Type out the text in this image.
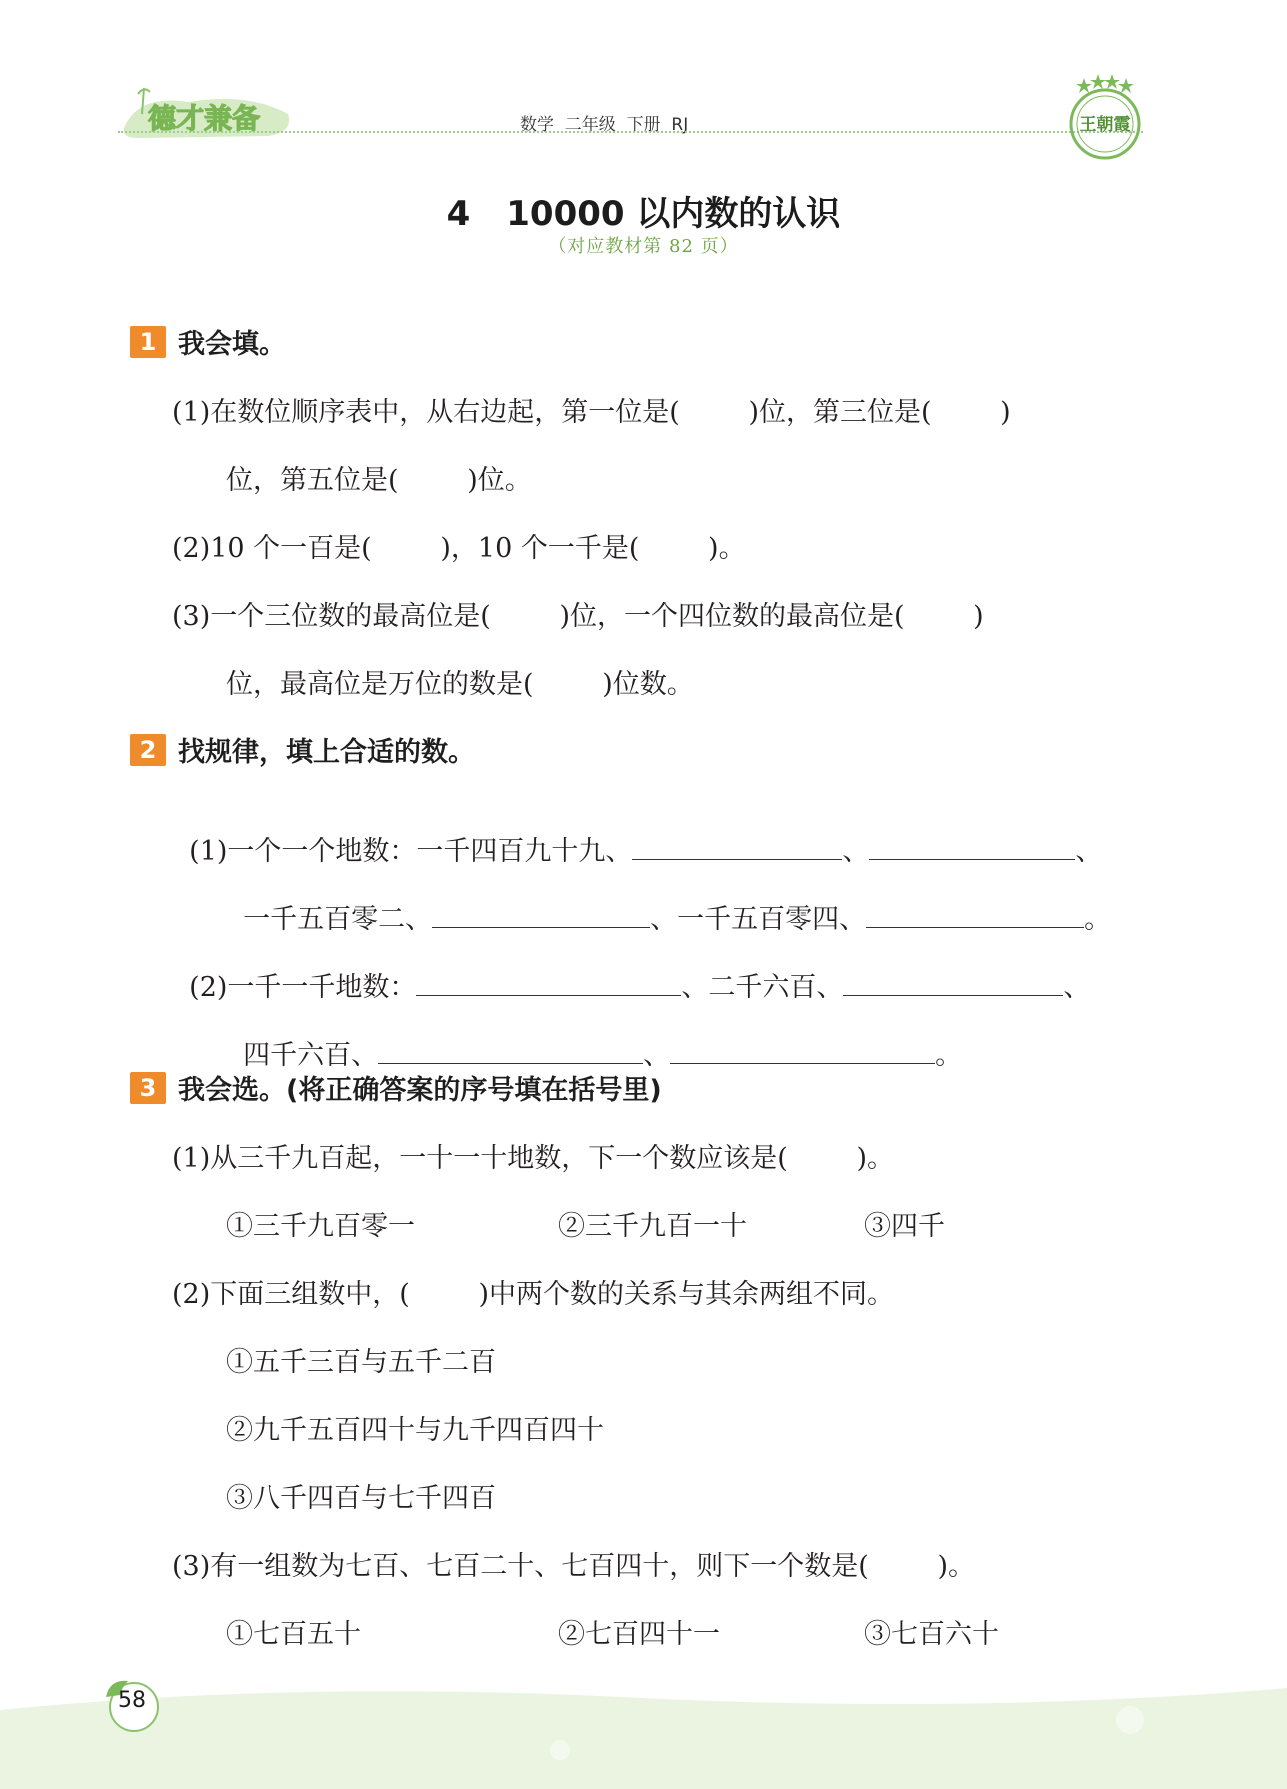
德才兼备	数学  二年级  下册  RJ	王朝霞
4 10000 以内数的认识
（对应教材第 82 页）
1 我会填。
(1)在数位顺序表中，从右边起，第一位是(        )位，第三位是(        )
位，第五位是(        )位。
(2)10 个一百是(        )，10 个一千是(        )。
(3)一个三位数的最高位是(        )位，一个四位数的最高位是(        )
位，最高位是万位的数是(        )位数。
2 找规律，填上合适的数。

(1)一个一个地数：一千四百九十九、	、	、

一千五百零二、	、一千五百零四、	。

(2)一千一千地数：	、二千六百、	、

四千六百、	、	。

3 我会选。(将正确答案的序号填在括号里)
(1)从三千九百起，一十一十地数，下一个数应该是(        )。
①三千九百零一	②三千九百一十	③四千
(2)下面三组数中，(        )中两个数的关系与其余两组不同。
①五千三百与五千二百
②九千五百四十与九千四百四十
③八千四百与七千四百
(3)有一组数为七百、七百二十、七百四十，则下一个数是(        )。
①七百五十	②七百四十一	③七百六十
58
